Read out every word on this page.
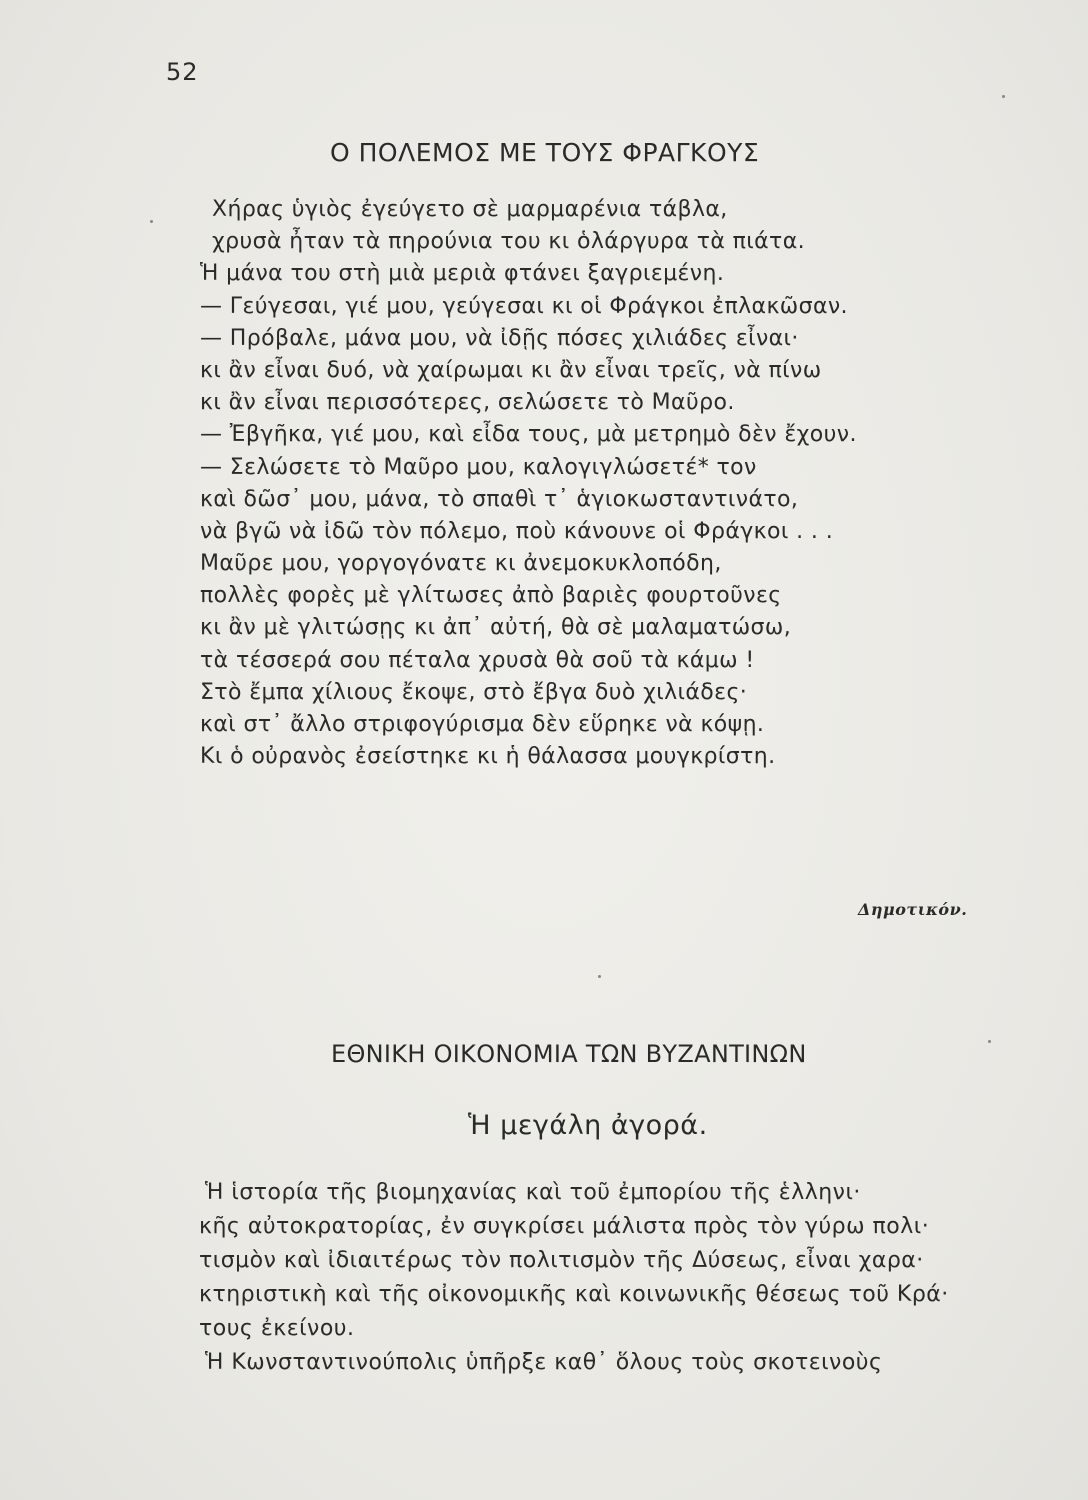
52
Ο ΠΟΛΕΜΟΣ ΜΕ ΤΟΥΣ ΦΡΑΓΚΟΥΣ
Χήρας ὑγιὸς ἐγεύγετο σὲ μαρμαρένια τάβλα,
χρυσὰ ἦταν τὰ πηρούνια του κι ὁλάργυρα τὰ πιάτα.
Ἡ μάνα του στὴ μιὰ μεριὰ φτάνει ξαγριεμένη.
— Γεύγεσαι, γιέ μου, γεύγεσαι κι οἱ Φράγκοι ἐπλακῶσαν.
— Πρόβαλε, μάνα μου, νὰ ἰδῇς πόσες χιλιάδες εἶναι·
κι ἂν εἶναι δυό, νὰ χαίρωμαι κι ἂν εἶναι τρεῖς, νὰ πίνω
κι ἂν εἶναι περισσότερες, σελώσετε τὸ Μαῦρο.
— Ἐβγῆκα, γιέ μου, καὶ εἶδα τους, μὰ μετρημὸ δὲν ἔχουν.
— Σελώσετε τὸ Μαῦρο μου, καλογιγλώσετέ* τον
καὶ δῶσ᾿ μου, μάνα, τὸ σπαθὶ τ᾿ ἁγιοκωσταντινάτο,
νὰ βγῶ νὰ ἰδῶ τὸν πόλεμο, ποὺ κάνουνε οἱ Φράγκοι . . .
Μαῦρε μου, γοργογόνατε κι ἀνεμοκυκλοπόδη,
πολλὲς φορὲς μὲ γλίτωσες ἀπὸ βαριὲς φουρτοῦνες
κι ἂν μὲ γλιτώσῃς κι ἀπ᾿ αὐτή, θὰ σὲ μαλαματώσω,
τὰ τέσσερά σου πέταλα χρυσὰ θὰ σοῦ τὰ κάμω !
Στὸ ἔμπα χίλιους ἔκοψε, στὸ ἔβγα δυὸ χιλιάδες·
καὶ στ᾿ ἄλλο στριφογύρισμα δὲν εὕρηκε νὰ κόψῃ.
Κι ὁ οὐρανὸς ἐσείστηκε κι ἡ θάλασσα μουγκρίστη.
Δημοτικόν.
ΕΘΝΙΚΗ ΟΙΚΟΝΟΜΙΑ ΤΩΝ ΒΥΖΑΝΤΙΝΩΝ
Ἡ μεγάλη ἀγορά.
Ἡ ἱστορία τῆς βιομηχανίας καὶ τοῦ ἐμπορίου τῆς ἑλληνι·
κῆς αὐτοκρατορίας, ἐν συγκρίσει μάλιστα πρὸς τὸν γύρω πολι·
τισμὸν καὶ ἰδιαιτέρως τὸν πολιτισμὸν τῆς Δύσεως, εἶναι χαρα·
κτηριστικὴ καὶ τῆς οἰκονομικῆς καὶ κοινωνικῆς θέσεως τοῦ Κρά·
τους ἐκείνου.
Ἡ Κωνσταντινούπολις ὑπῆρξε καθ᾿ ὅλους τοὺς σκοτεινοὺς
